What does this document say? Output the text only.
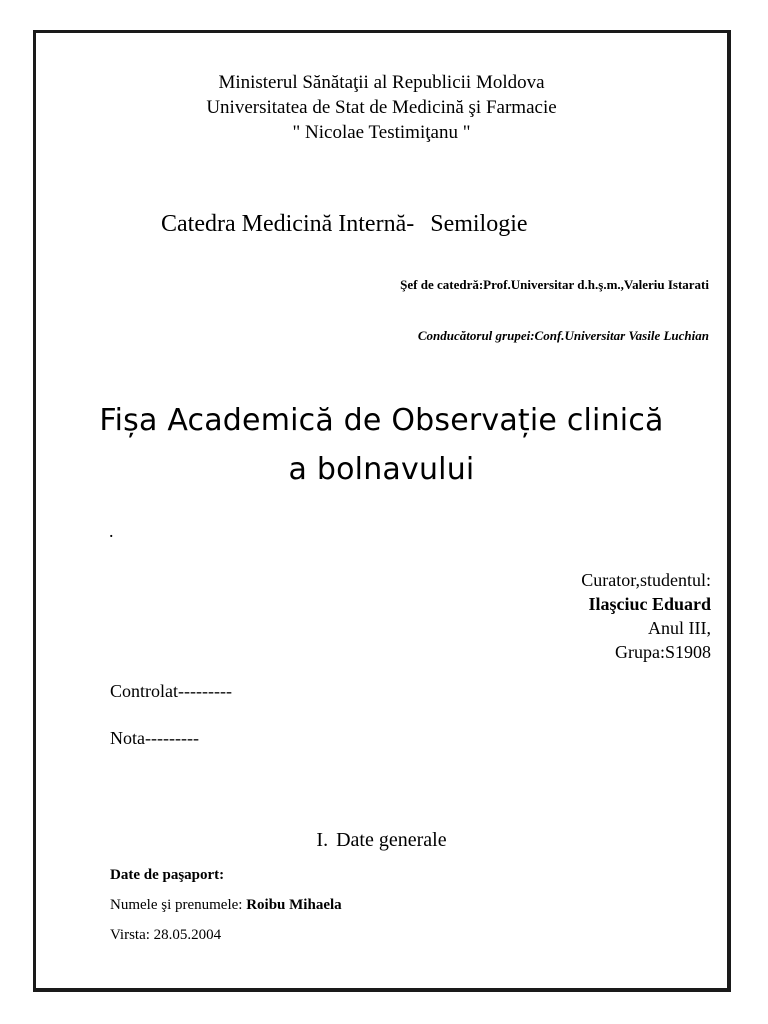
Ministerul Sănătaţii al Republicii Moldova
Universitatea de Stat de Medicină şi Farmacie
" Nicolae Testimiţanu "
Catedra Medicină Internă- Semilogie
Şef de catedră:Prof.Universitar d.h.ş.m.,Valeriu Istarati
Conducătorul grupei:Conf.Universitar Vasile Luchian
Fișa Academică de Observație clinică
a bolnavului
.
Curator,studentul:
Ilaşciuc Eduard
Anul III,
Grupa:S1908
Controlat---------
Nota---------
I. Date generale
Date de paşaport:
Numele şi prenumele: Roibu Mihaela
Virsta: 28.05.2004
